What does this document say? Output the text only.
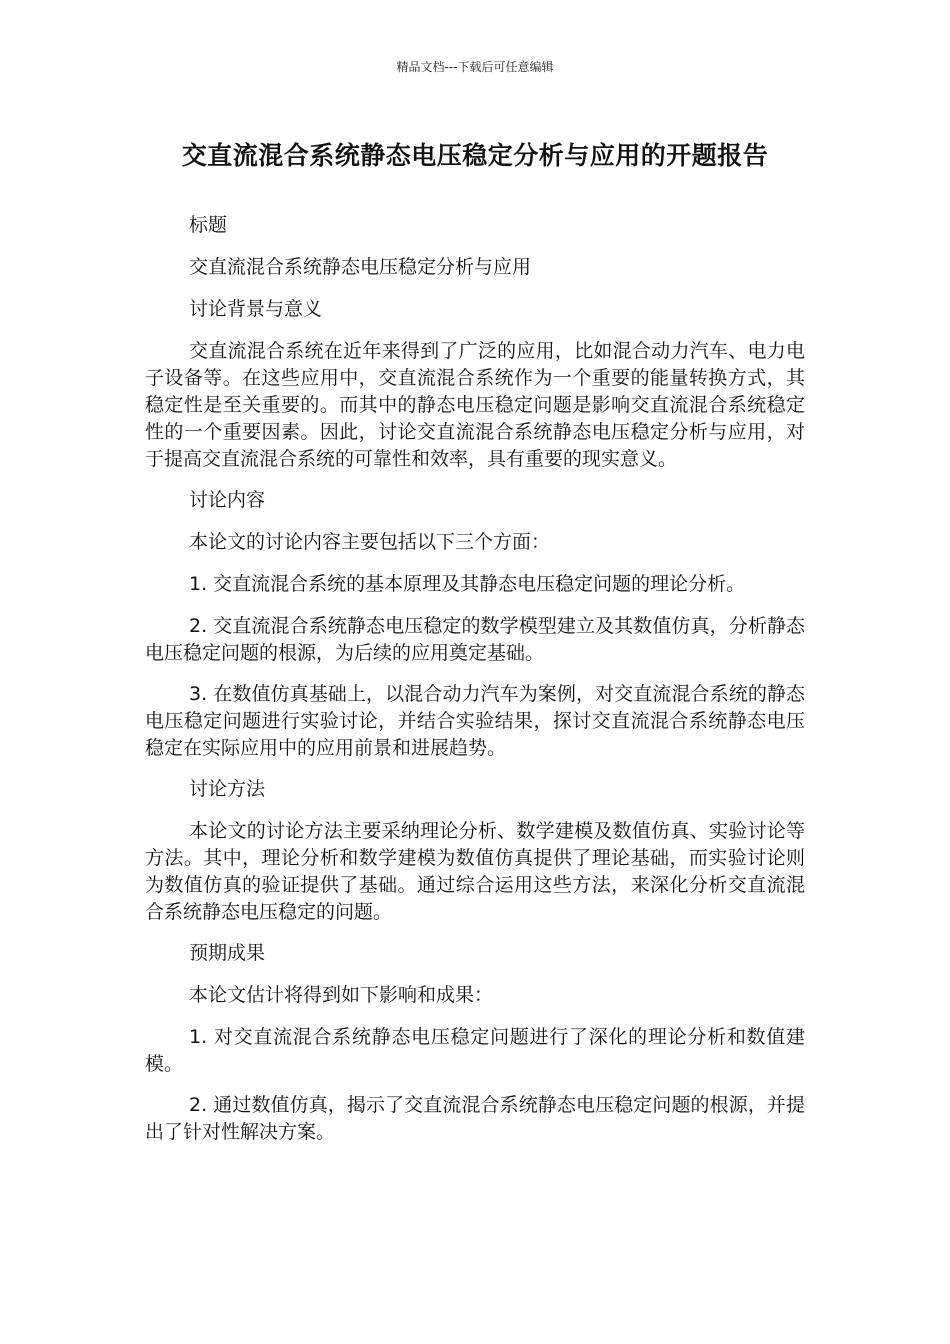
精品文档---下载后可任意编辑
交直流混合系统静态电压稳定分析与应用的开题报告

标题

交直流混合系统静态电压稳定分析与应用

讨论背景与意义

交直流混合系统在近年来得到了广泛的应用，比如混合动力汽车、电力电子设备等。在这些应用中，交直流混合系统作为一个重要的能量转换方式，其稳定性是至关重要的。而其中的静态电压稳定问题是影响交直流混合系统稳定性的一个重要因素。因此，讨论交直流混合系统静态电压稳定分析与应用，对于提高交直流混合系统的可靠性和效率，具有重要的现实意义。

讨论内容

本论文的讨论内容主要包括以下三个方面：

1. 交直流混合系统的基本原理及其静态电压稳定问题的理论分析。

2. 交直流混合系统静态电压稳定的数学模型建立及其数值仿真，分析静态电压稳定问题的根源，为后续的应用奠定基础。

3. 在数值仿真基础上，以混合动力汽车为案例，对交直流混合系统的静态电压稳定问题进行实验讨论，并结合实验结果，探讨交直流混合系统静态电压稳定在实际应用中的应用前景和进展趋势。

讨论方法

本论文的讨论方法主要采纳理论分析、数学建模及数值仿真、实验讨论等方法。其中，理论分析和数学建模为数值仿真提供了理论基础，而实验讨论则为数值仿真的验证提供了基础。通过综合运用这些方法，来深化分析交直流混合系统静态电压稳定的问题。

预期成果

本论文估计将得到如下影响和成果：

1. 对交直流混合系统静态电压稳定问题进行了深化的理论分析和数值建模。

2. 通过数值仿真，揭示了交直流混合系统静态电压稳定问题的根源，并提出了针对性解决方案。
